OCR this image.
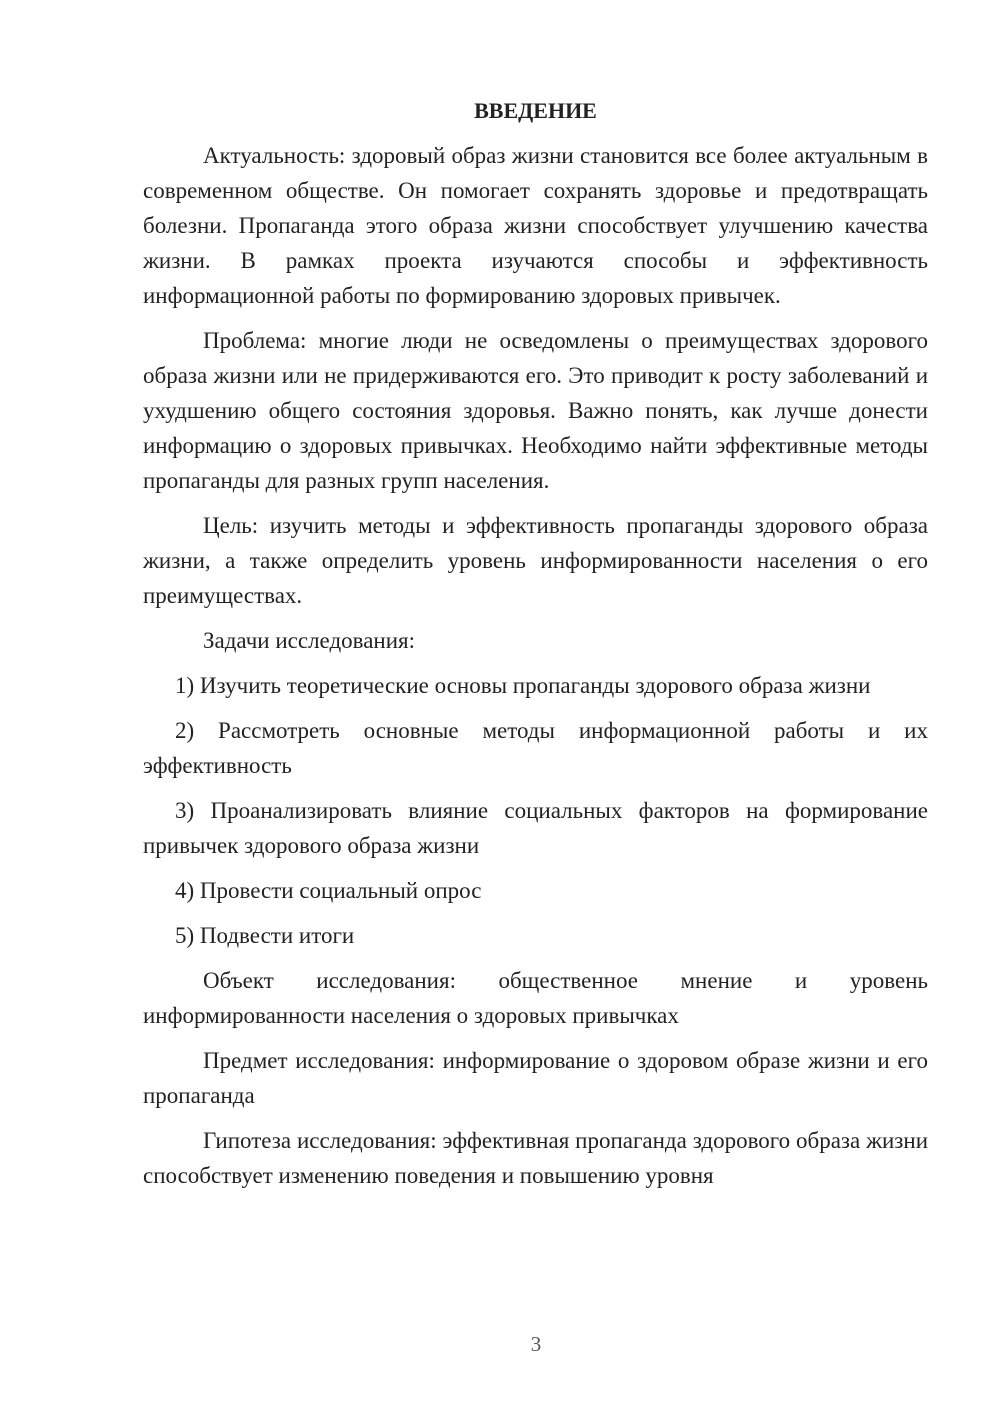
ВВЕДЕНИЕ

Актуальность: здоровый образ жизни становится все более актуальным в современном обществе. Он помогает сохранять здоровье и предотвращать болезни. Пропаганда этого образа жизни способствует улучшению качества жизни. В рамках проекта изучаются способы и эффективность информационной работы по формированию здоровых привычек.

Проблема: многие люди не осведомлены о преимуществах здорового образа жизни или не придерживаются его. Это приводит к росту заболеваний и ухудшению общего состояния здоровья. Важно понять, как лучше донести информацию о здоровых привычках. Необходимо найти эффективные методы пропаганды для разных групп населения.

Цель: изучить методы и эффективность пропаганды здорового образа жизни, а также определить уровень информированности населения о его преимуществах.

Задачи исследования:

1) Изучить теоретические основы пропаганды здорового образа жизни

2) Рассмотреть основные методы информационной работы и их эффективность

3) Проанализировать влияние социальных факторов на формирование привычек здорового образа жизни

4) Провести социальный опрос

5) Подвести итоги

Объект исследования: общественное мнение и уровень информированности населения о здоровых привычках

Предмет исследования: информирование о здоровом образе жизни и его пропаганда

Гипотеза исследования: эффективная пропаганда здорового образа жизни способствует изменению поведения и повышению уровня

3
